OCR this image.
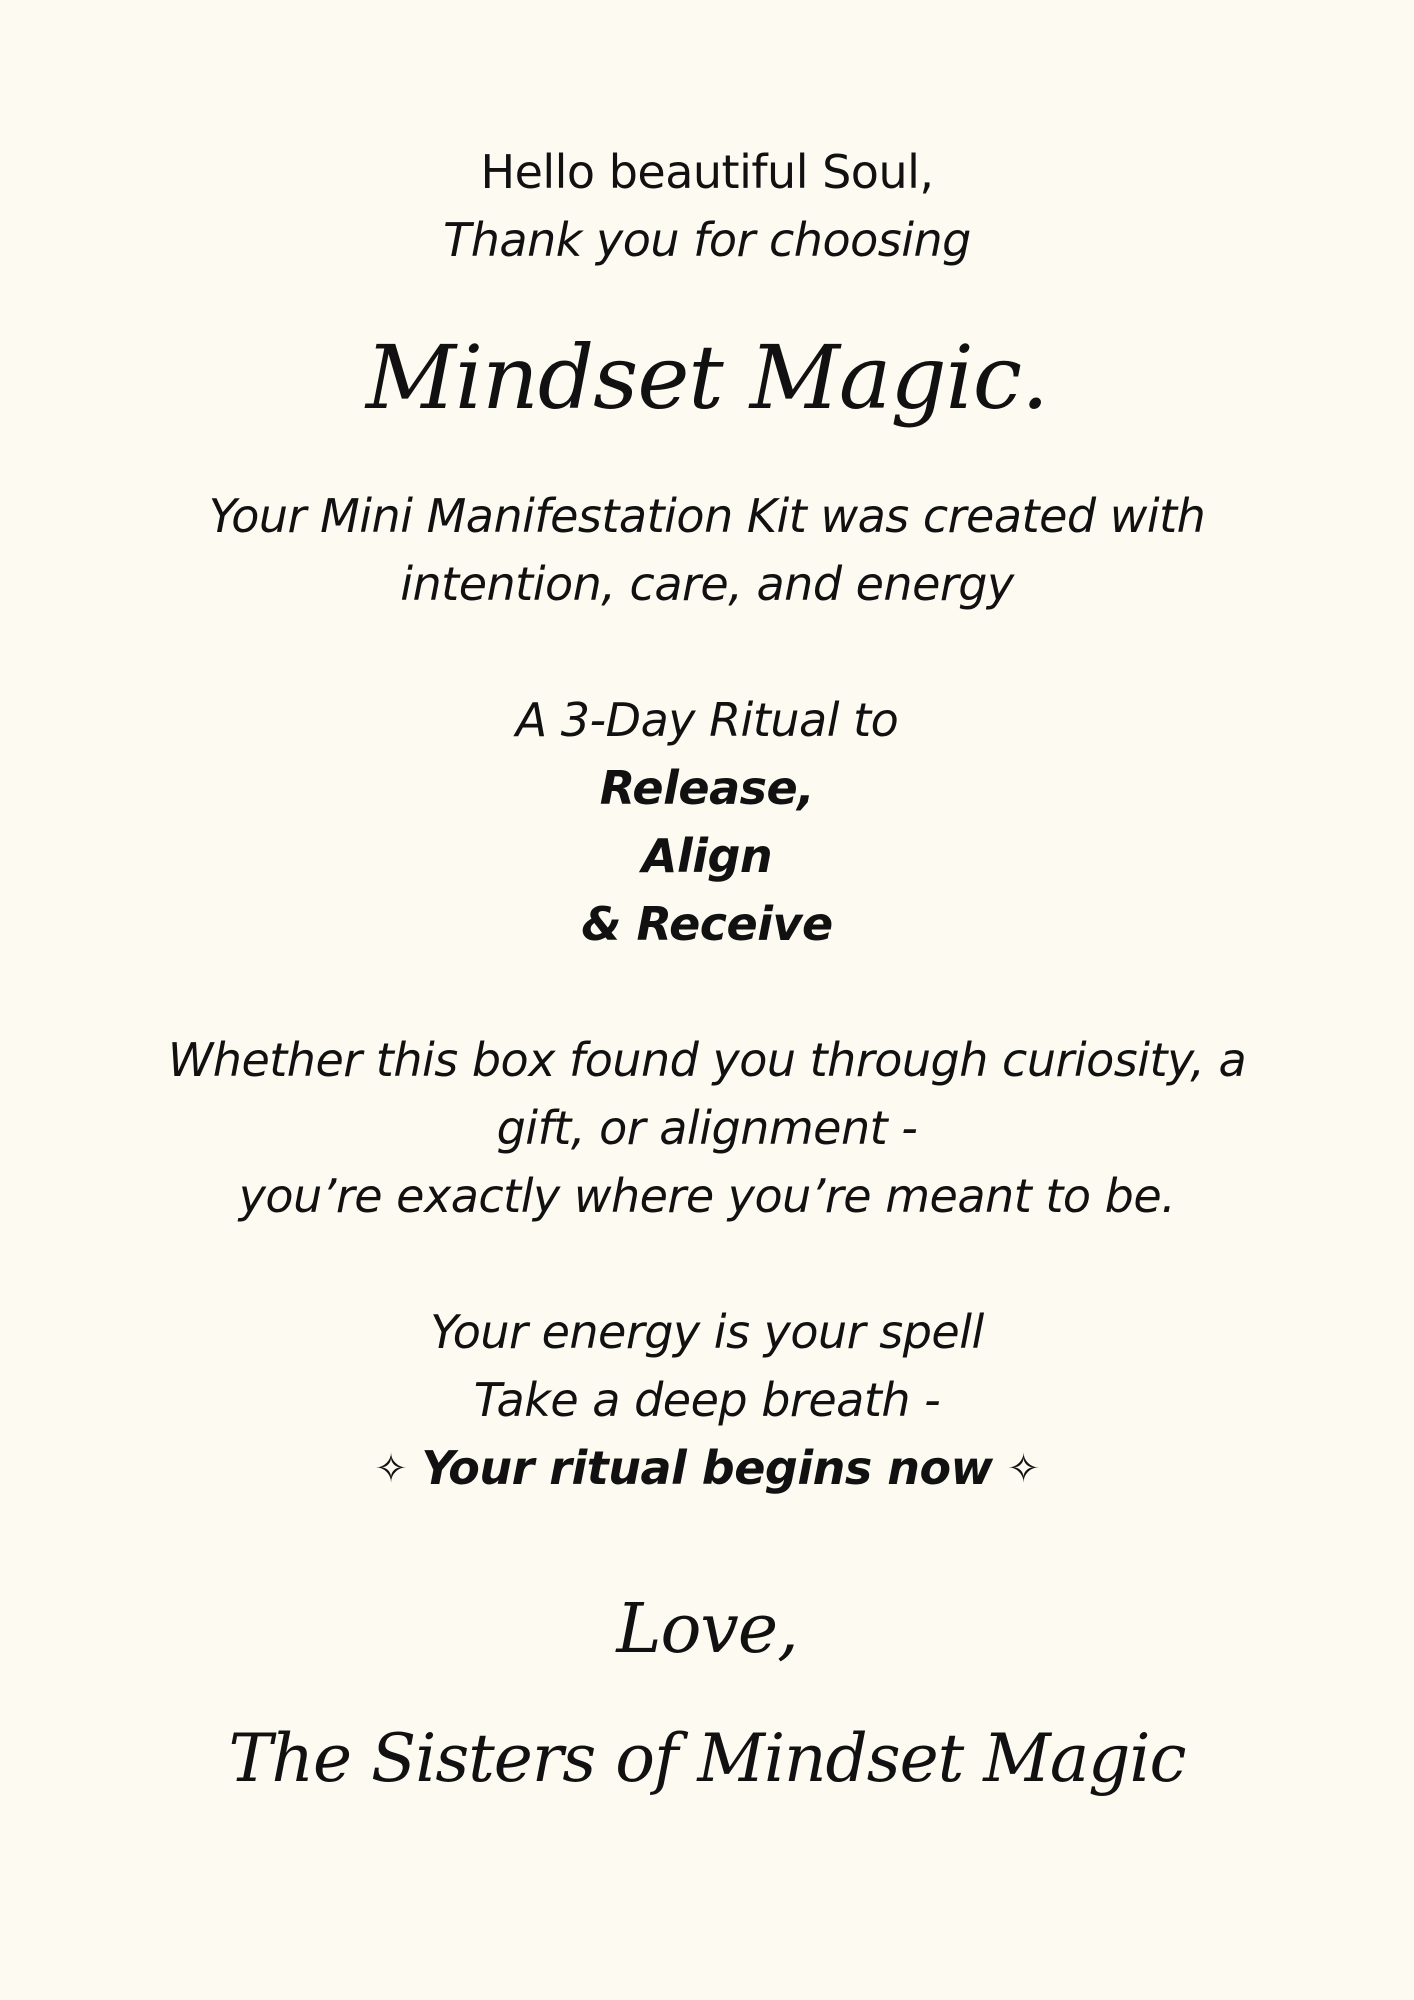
Hello beautiful Soul,
Thank you for choosing
Mindset Magic.
Your Mini Manifestation Kit was created with
intention, care, and energy
A 3-Day Ritual to
Release,
Align
& Receive
Whether this box found you through curiosity, a
gift, or alignment -
you’re exactly where you’re meant to be.
Your energy is your spell
Take a deep breath -
✧ Your ritual begins now ✧
Love,
The Sisters of Mindset Magic
